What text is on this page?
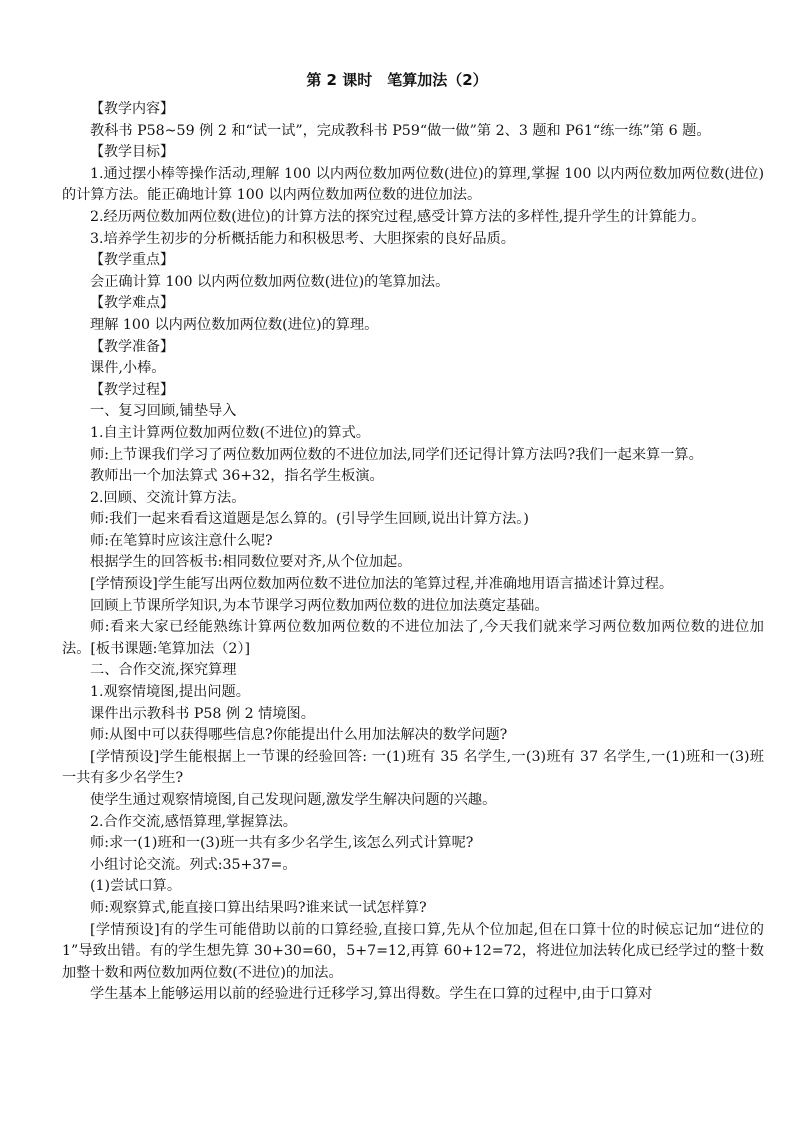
第 2 课时　笔算加法（2）

【教学内容】

教科书 P58~59 例 2 和“试一试”，完成教科书 P59“做一做”第 2、3 题和 P61“练一练”第 6 题。

【教学目标】

1.通过摆小棒等操作活动,理解 100 以内两位数加两位数(进位)的算理,掌握 100 以内两位数加两位数(进位)的计算方法。能正确地计算 100 以内两位数加两位数的进位加法。

2.经历两位数加两位数(进位)的计算方法的探究过程,感受计算方法的多样性,提升学生的计算能力。

3.培养学生初步的分析概括能力和积极思考、大胆探索的良好品质。

【教学重点】

会正确计算 100 以内两位数加两位数(进位)的笔算加法。

【教学难点】

理解 100 以内两位数加两位数(进位)的算理。

【教学准备】

课件,小棒。

【教学过程】

一、复习回顾,铺垫导入

1.自主计算两位数加两位数(不进位)的算式。

师:上节课我们学习了两位数加两位数的不进位加法,同学们还记得计算方法吗?我们一起来算一算。

教师出一个加法算式 36+32，指名学生板演。

2.回顾、交流计算方法。

师:我们一起来看看这道题是怎么算的。(引导学生回顾,说出计算方法。)

师:在笔算时应该注意什么呢?

根据学生的回答板书:相同数位要对齐,从个位加起。

[学情预设]学生能写出两位数加两位数不进位加法的笔算过程,并准确地用语言描述计算过程。

回顾上节课所学知识,为本节课学习两位数加两位数的进位加法奠定基础。

师:看来大家已经能熟练计算两位数加两位数的不进位加法了,今天我们就来学习两位数加两位数的进位加法。[板书课题:笔算加法（2）]

二、合作交流,探究算理

1.观察情境图,提出问题。

课件出示教科书 P58 例 2 情境图。

师:从图中可以获得哪些信息?你能提出什么用加法解决的数学问题?

[学情预设]学生能根据上一节课的经验回答: 一(1)班有 35 名学生,一(3)班有 37 名学生,一(1)班和一(3)班一共有多少名学生?

使学生通过观察情境图,自己发现问题,激发学生解决问题的兴趣。

2.合作交流,感悟算理,掌握算法。

师:求一(1)班和一(3)班一共有多少名学生,该怎么列式计算呢?

小组讨论交流。列式:35+37=。

(1)尝试口算。

师:观察算式,能直接口算出结果吗?谁来试一试怎样算?

[学情预设]有的学生可能借助以前的口算经验,直接口算,先从个位加起,但在口算十位的时候忘记加“进位的 1”导致出错。有的学生想先算 30+30=60，5+7=12,再算 60+12=72，将进位加法转化成已经学过的整十数加整十数和两位数加两位数(不进位)的加法。

学生基本上能够运用以前的经验进行迁移学习,算出得数。学生在口算的过程中,由于口算对
